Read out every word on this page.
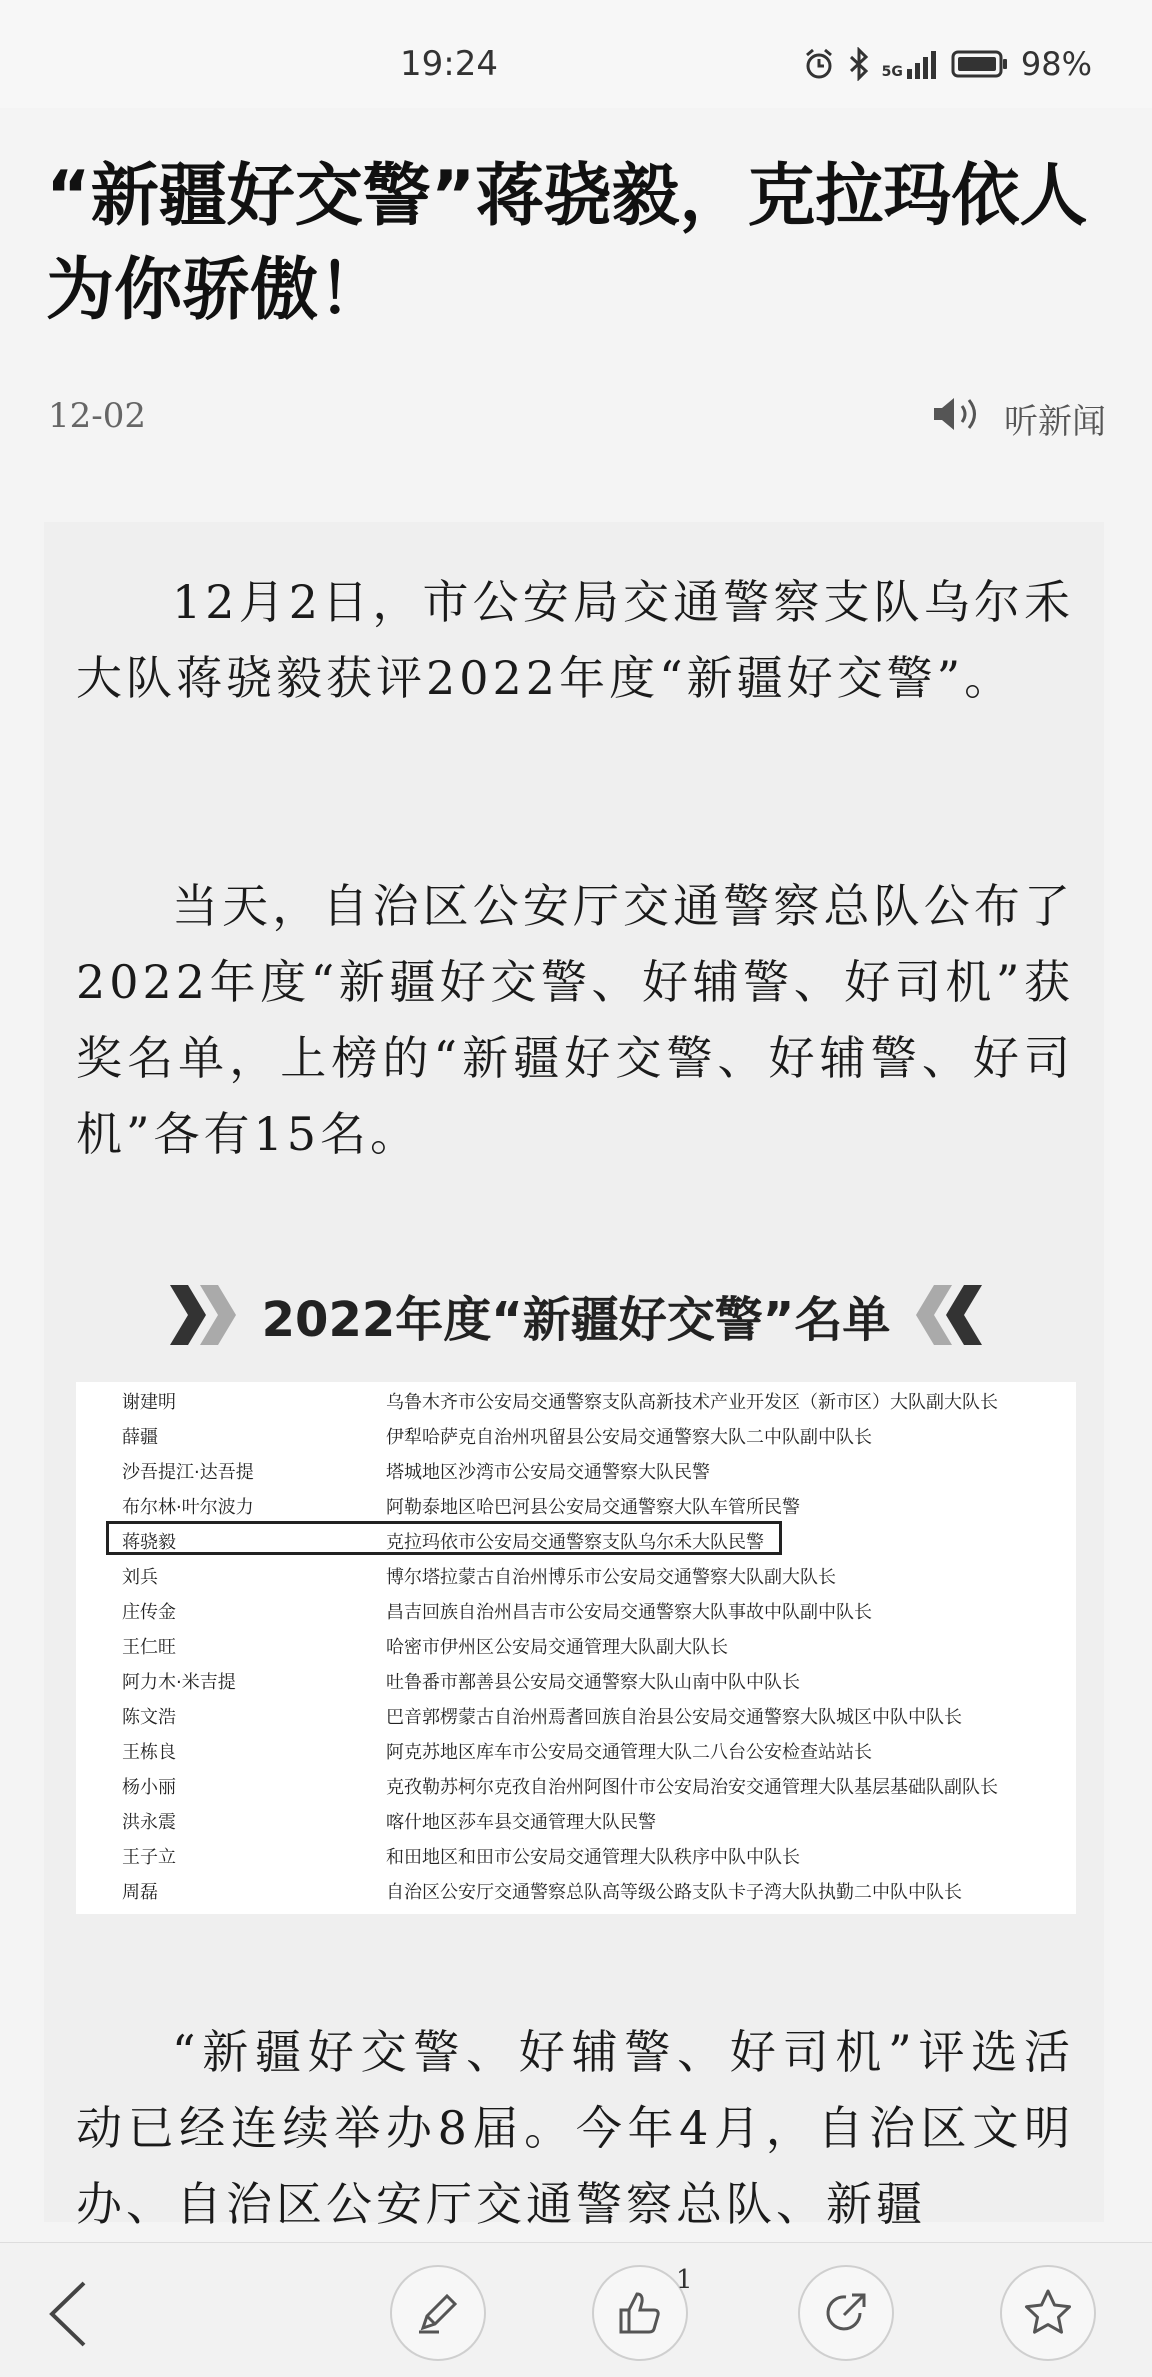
19:24	5G	98%
“新疆好交警”蒋骁毅，克拉玛依人为你骄傲！
12-02	听新闻

12月2日，市公安局交通警察支队乌尔禾大队蒋骁毅获评2022年度“新疆好交警”。

当天，自治区公安厅交通警察总队公布了2022年度“新疆好交警、好辅警、好司机”获奖名单，上榜的“新疆好交警、好辅警、好司机”各有15名。

2022年度“新疆好交警”名单
谢建明	乌鲁木齐市公安局交通警察支队高新技术产业开发区（新市区）大队副大队长
薛疆	伊犁哈萨克自治州巩留县公安局交通警察大队二中队副中队长
沙吾提江·达吾提	塔城地区沙湾市公安局交通警察大队民警
布尔林·叶尔波力	阿勒泰地区哈巴河县公安局交通警察大队车管所民警
蒋骁毅	克拉玛依市公安局交通警察支队乌尔禾大队民警
刘兵	博尔塔拉蒙古自治州博乐市公安局交通警察大队副大队长
庄传金	昌吉回族自治州昌吉市公安局交通警察大队事故中队副中队长
王仁旺	哈密市伊州区公安局交通管理大队副大队长
阿力木·米吉提	吐鲁番市鄯善县公安局交通警察大队山南中队中队长
陈文浩	巴音郭楞蒙古自治州焉耆回族自治县公安局交通警察大队城区中队中队长
王栋良	阿克苏地区库车市公安局交通管理大队二八台公安检查站站长
杨小丽	克孜勒苏柯尔克孜自治州阿图什市公安局治安交通管理大队基层基础队副队长
洪永震	喀什地区莎车县交通管理大队民警
王子立	和田地区和田市公安局交通管理大队秩序中队中队长
周磊	自治区公安厅交通警察总队高等级公路支队卡子湾大队执勤二中队中队长

“新疆好交警、好辅警、好司机”评选活动已经连续举办8届。今年4月，自治区文明办、自治区公安厅交通警察总队、新疆

1
